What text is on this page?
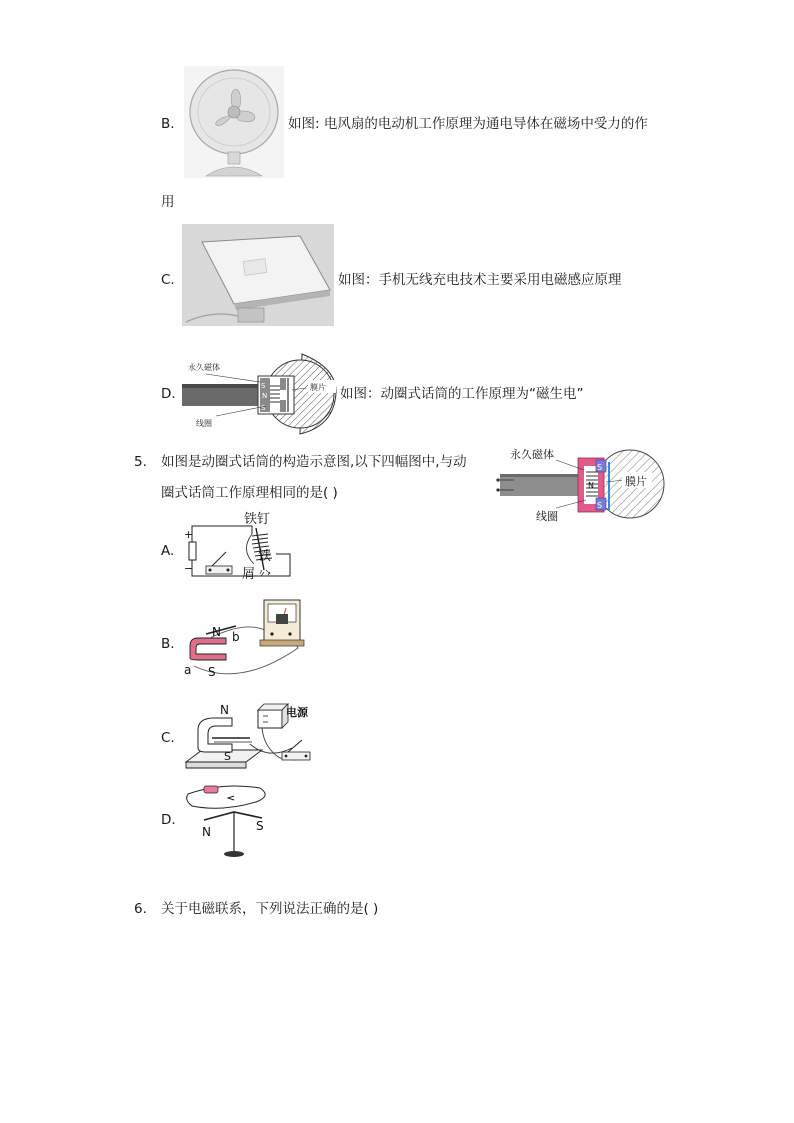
B.	如图: 电风扇的电动机工作原理为通电导体在磁场中受力的作
用
C.	如图：手机无线充电技术主要采用电磁感应原理
D.
永久磁体
膜片
线圈
S
N
S
如图：动圈式话筒的工作原理为“磁生电”
5. 如图是动圈式话筒的构造示意图,以下四幅图中,与动
圈式话筒工作原理相同的是( )
永久磁体
膜片
线圈
S
N
S
A.
+
−
铁钉
铁
屑
B.
N b
a S
C.
N
S
电源
D.
N	S
6. 关于电磁联系，下列说法正确的是( )
